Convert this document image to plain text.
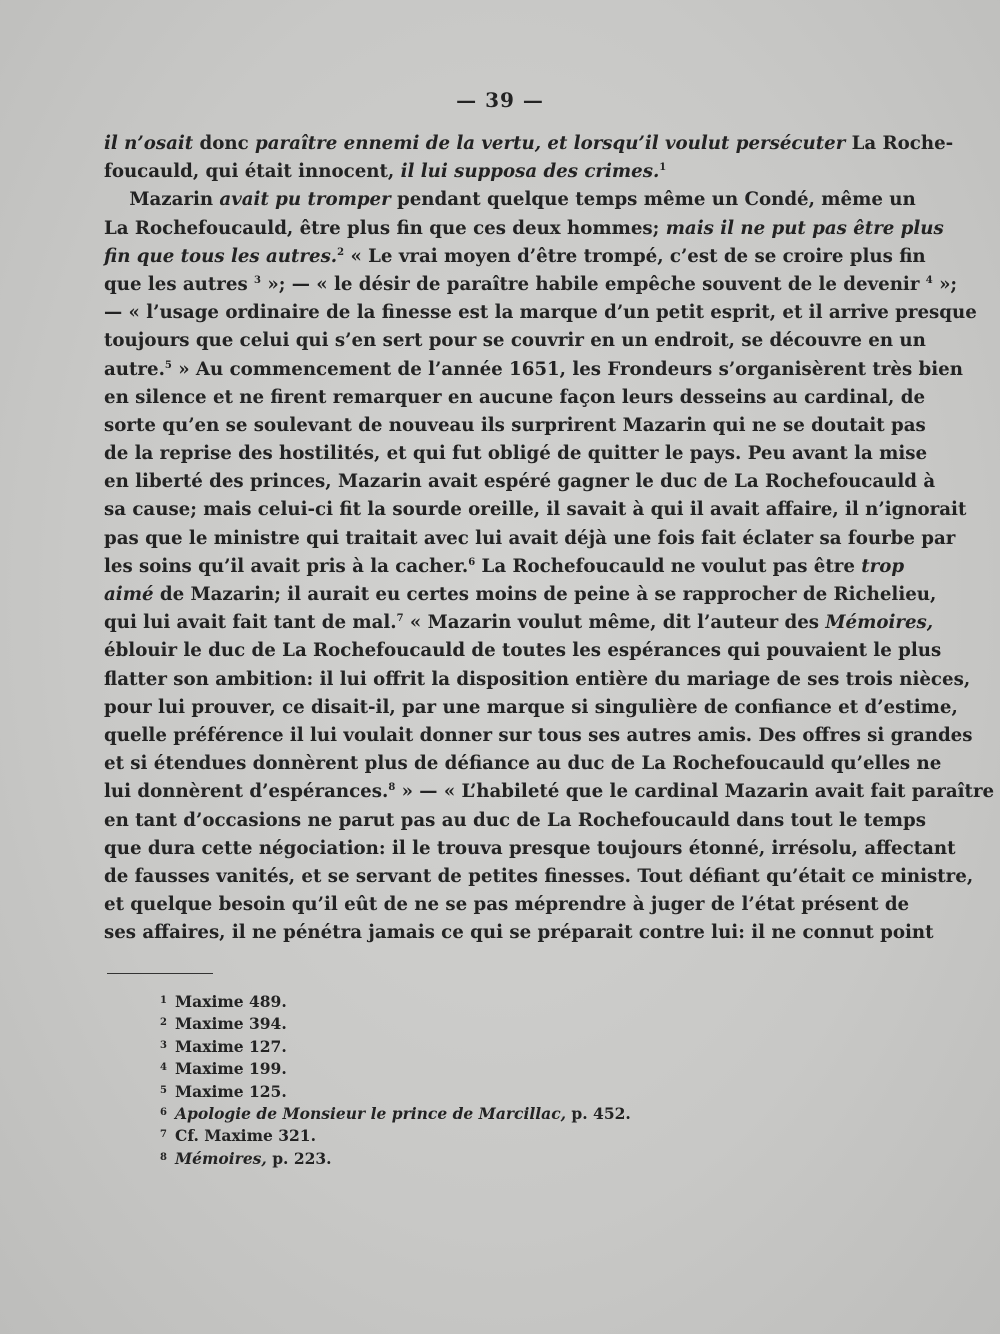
— 39 —
il n’osait donc paraître ennemi de la vertu, et lorsqu’il voulut persécuter La Roche-
foucauld, qui était innocent, il lui supposa des crimes.$^1$
Mazarin avait pu tromper pendant quelque temps même un Condé, même un
La Rochefoucauld, être plus fin que ces deux hommes; mais il ne put pas être plus
fin que tous les autres.$^2$ « Le vrai moyen d’être trompé, c’est de se croire plus fin
que les autres $^3$ »; — « le désir de paraître habile empêche souvent de le devenir $^4$ »;
— « l’usage ordinaire de la finesse est la marque d’un petit esprit, et il arrive presque
toujours que celui qui s’en sert pour se couvrir en un endroit, se découvre en un
autre.$^5$ » Au commencement de l’année 1651, les Frondeurs s’organisèrent très bien
en silence et ne firent remarquer en aucune façon leurs desseins au cardinal, de
sorte qu’en se soulevant de nouveau ils surprirent Mazarin qui ne se doutait pas
de la reprise des hostilités, et qui fut obligé de quitter le pays. Peu avant la mise
en liberté des princes, Mazarin avait espéré gagner le duc de La Rochefoucauld à
sa cause; mais celui-ci fit la sourde oreille, il savait à qui il avait affaire, il n’ignorait
pas que le ministre qui traitait avec lui avait déjà une fois fait éclater sa fourbe par
les soins qu’il avait pris à la cacher.$^6$ La Rochefoucauld ne voulut pas être trop
aimé de Mazarin; il aurait eu certes moins de peine à se rapprocher de Richelieu,
qui lui avait fait tant de mal.$^7$ « Mazarin voulut même, dit l’auteur des Mémoires,
éblouir le duc de La Rochefoucauld de toutes les espérances qui pouvaient le plus
flatter son ambition: il lui offrit la disposition entière du mariage de ses trois nièces,
pour lui prouver, ce disait-il, par une marque si singulière de confiance et d’estime,
quelle préférence il lui voulait donner sur tous ses autres amis. Des offres si grandes
et si étendues donnèrent plus de défiance au duc de La Rochefoucauld qu’elles ne
lui donnèrent d’espérances.$^8$ » — « L’habileté que le cardinal Mazarin avait fait paraître
en tant d’occasions ne parut pas au duc de La Rochefoucauld dans tout le temps
que dura cette négociation: il le trouva presque toujours étonné, irrésolu, affectant
de fausses vanités, et se servant de petites finesses. Tout défiant qu’était ce ministre,
et quelque besoin qu’il eût de ne se pas méprendre à juger de l’état présent de
ses affaires, il ne pénétra jamais ce qui se préparait contre lui: il ne connut point
1 Maxime 489.
2 Maxime 394.
3 Maxime 127.
4 Maxime 199.
5 Maxime 125.
6 Apologie de Monsieur le prince de Marcillac, p. 452.
7 Cf. Maxime 321.
8 Mémoires, p. 223.
